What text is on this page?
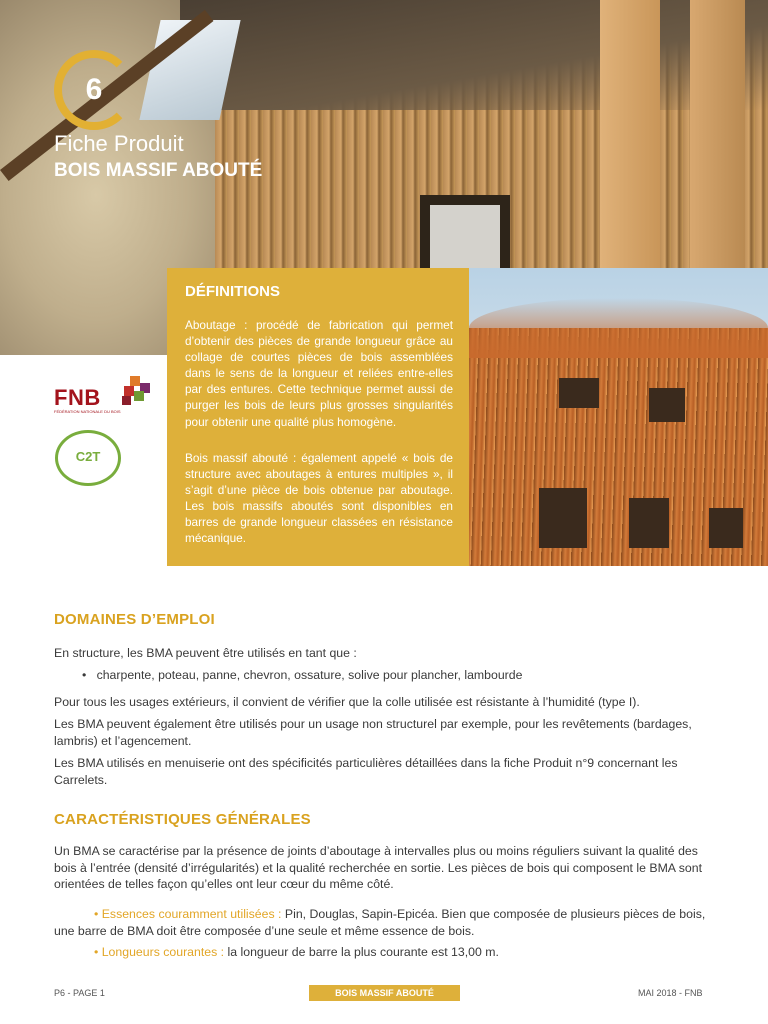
6
Fiche Produit
BOIS MASSIF ABOUTÉ
FNB
FÉDÉRATION NATIONALE DU BOIS
C2T
DÉFINITIONS
Aboutage : procédé de fabrication qui permet d’obtenir des pièces de grande longueur grâce au collage de courtes pièces de bois assemblées dans le sens de la longueur et reliées entre-elles par des entures. Cette technique permet aussi de purger les bois de leurs plus grosses singularités pour obtenir une qualité plus homogène.
Bois massif abouté : également appelé « bois de structure avec aboutages à entures multiples », il s’agit d’une pièce de bois obtenue par aboutage. Les bois massifs aboutés sont disponibles en barres de grande longueur classées en résistance mécanique.
DOMAINES D’EMPLOI
En structure, les BMA peuvent être utilisés en tant que :
• charpente, poteau, panne, chevron, ossature, solive pour plancher, lambourde
Pour tous les usages extérieurs, il convient de vérifier que la colle utilisée est résistante à l’humidité (type I).
Les BMA peuvent également être utilisés pour un usage non structurel par exemple, pour les revêtements (bardages, lambris) et l’agencement.
Les BMA utilisés en menuiserie ont des spécificités particulières détaillées dans la fiche Produit n°9 concernant les Carrelets.
CARACTÉRISTIQUES GÉNÉRALES
Un BMA se caractérise par la présence de joints d’aboutage à intervalles plus ou moins réguliers suivant la qualité des bois à l’entrée (densité d’irrégularités) et la qualité recherchée en sortie. Les pièces de bois qui composent le BMA sont orientées de telles façon qu’elles ont leur cœur du même côté.
• Essences couramment utilisées : Pin, Douglas, Sapin-Epicéa. Bien que composée de plusieurs pièces de bois, une barre de BMA doit être composée d’une seule et même essence de bois.
• Longueurs courantes : la longueur de barre la plus courante est 13,00 m.
P6 - PAGE 1	BOIS MASSIF ABOUTÉ	MAI 2018 - FNB
